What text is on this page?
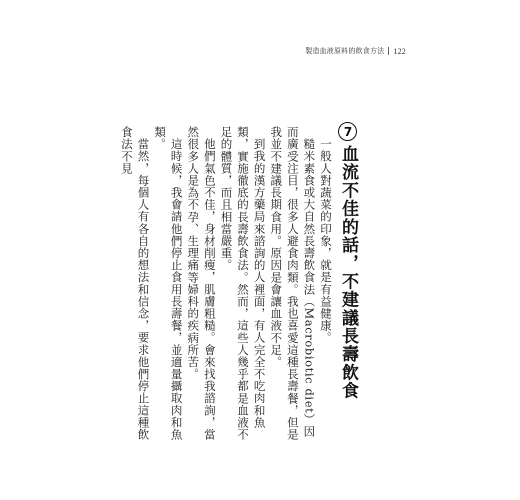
製造血液原料的飲食方法 122
7血流不佳的話，不建議長壽飲食

一般人對蔬菜的印象，就是有益健康。

糙米素食或大自然長壽飲食法（Macrobiotic diet）因而廣受注目，很多人避食肉類。我也喜愛這種長壽餐，但是我並不建議長期食用。原因是會讓血液不足。

到我的漢方藥局來諮詢的人裡面，有人完全不吃肉和魚類，實施徹底的長壽飲食法。然而，這些人幾乎都是血液不足的體質，而且相當嚴重。

他們氣色不佳，身材削瘦，肌膚粗糙。會來找我諮詢，當然很多人是為不孕、生理痛等婦科的疾病所苦。

這時候，我會請他們停止食用長壽餐，並適量攝取肉和魚類。

當然，每個人有各自的想法和信念，要求他們停止這種飲食法不見
